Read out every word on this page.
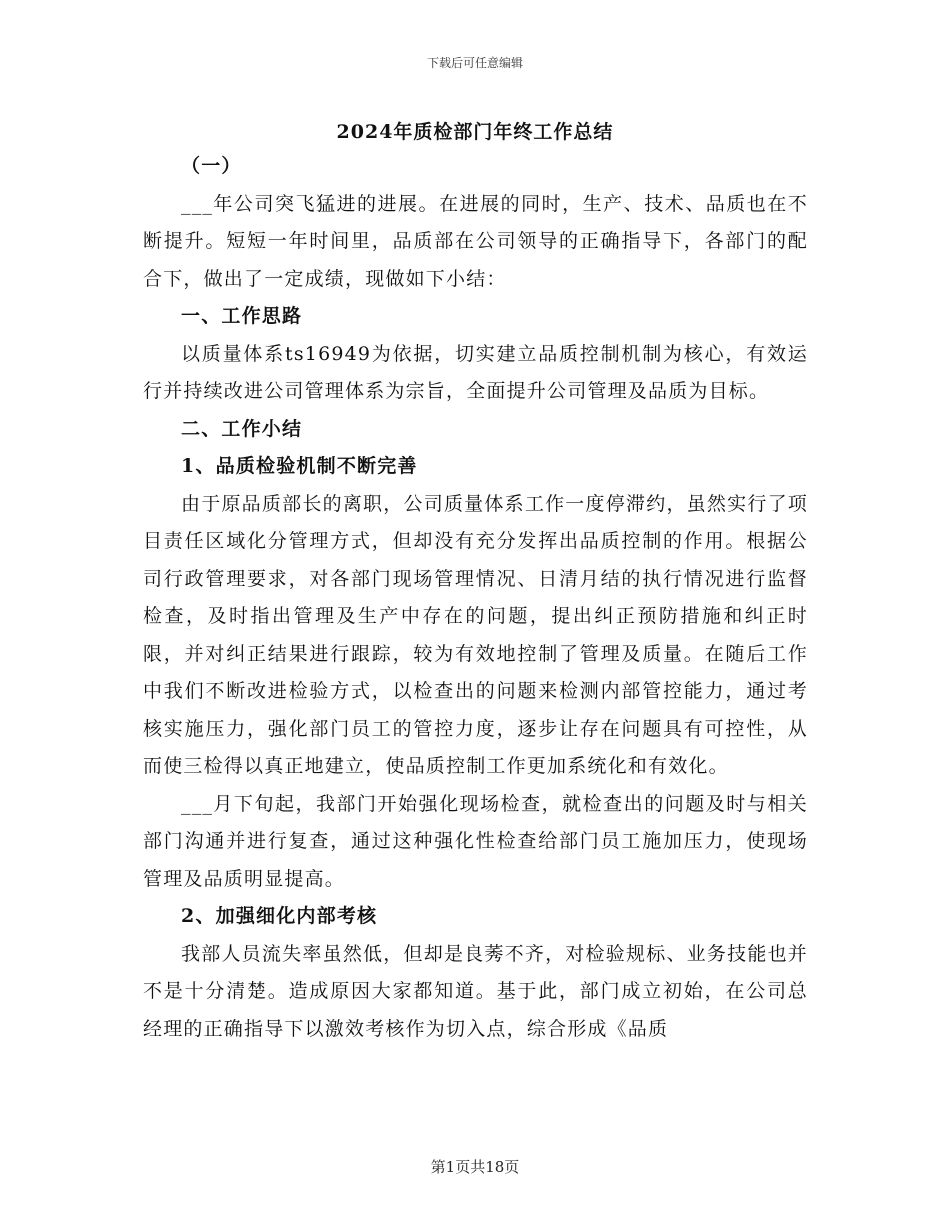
下载后可任意编辑
2024年质检部门年终工作总结

（一）

___年公司突飞猛进的进展。在进展的同时，生产、技术、品质也在不断提升。短短一年时间里，品质部在公司领导的正确指导下，各部门的配合下，做出了一定成绩，现做如下小结：

一、工作思路

以质量体系ts16949为依据，切实建立品质控制机制为核心，有效运行并持续改进公司管理体系为宗旨，全面提升公司管理及品质为目标。

二、工作小结

1、品质检验机制不断完善

由于原品质部长的离职，公司质量体系工作一度停滞约，虽然实行了项目责任区域化分管理方式，但却没有充分发挥出品质控制的作用。根据公司行政管理要求，对各部门现场管理情况、日清月结的执行情况进行监督检查，及时指出管理及生产中存在的问题，提出纠正预防措施和纠正时限，并对纠正结果进行跟踪，较为有效地控制了管理及质量。在随后工作中我们不断改进检验方式，以检查出的问题来检测内部管控能力，通过考核实施压力，强化部门员工的管控力度，逐步让存在问题具有可控性，从而使三检得以真正地建立，使品质控制工作更加系统化和有效化。

___月下旬起，我部门开始强化现场检查，就检查出的问题及时与相关部门沟通并进行复查，通过这种强化性检查给部门员工施加压力，使现场管理及品质明显提高。

2、加强细化内部考核

我部人员流失率虽然低，但却是良莠不齐，对检验规标、业务技能也并不是十分清楚。造成原因大家都知道。基于此，部门成立初始，在公司总经理的正确指导下以激效考核作为切入点，综合形成《品质

第1页共18页
